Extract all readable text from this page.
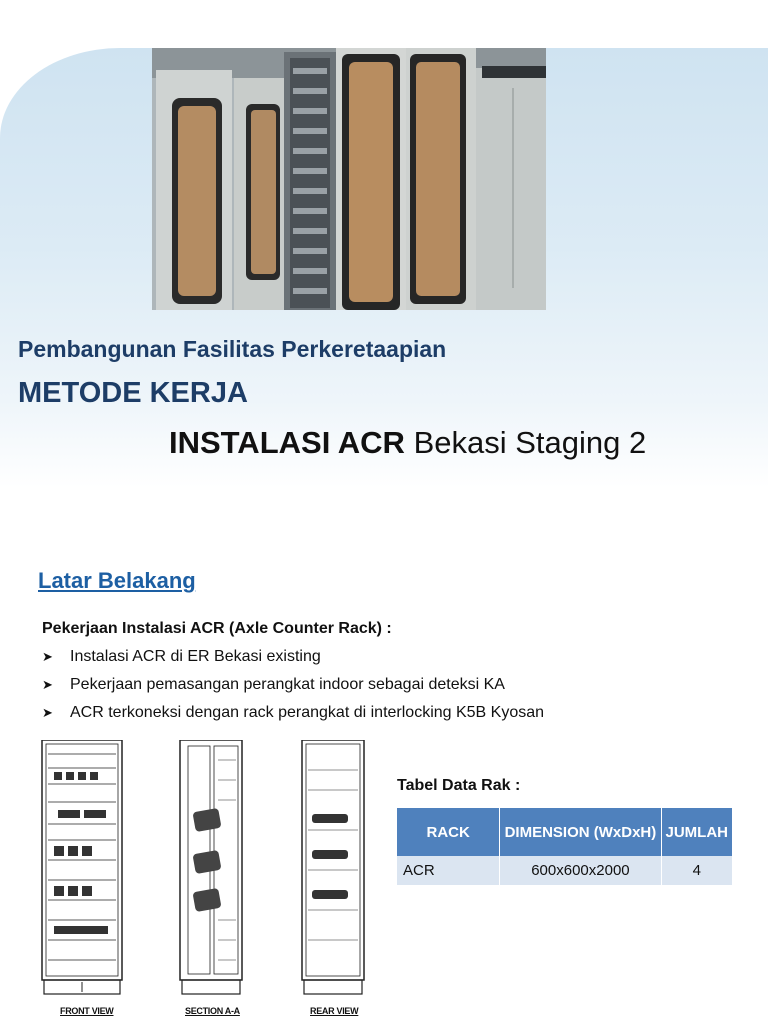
Pembangunan Fasilitas Perkeretaapian
METODE KERJA
INSTALASI ACR Bekasi Staging 2
Latar Belakang

Pekerjaan Instalasi ACR (Axle Counter Rack) :

➤ Instalasi ACR di ER Bekasi existing
➤ Pekerjaan pemasangan perangkat indoor sebagai deteksi KA
➤ ACR terkoneksi dengan rack perangkat di interlocking K5B Kyosan
FRONT VIEW	SECTION A-A	REAR VIEW

Tabel Data Rak :

RACK	DIMENSION (WxDxH)	JUMLAH
ACR	600x600x2000	4
